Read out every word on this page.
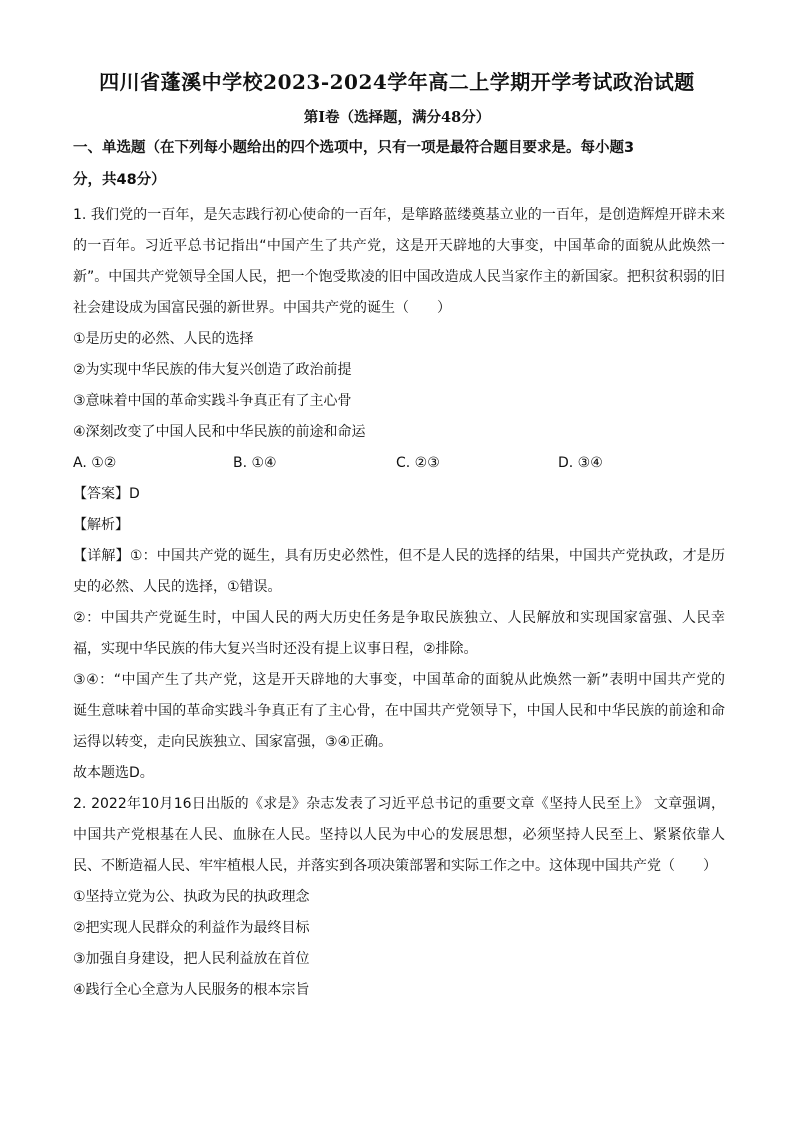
四川省蓬溪中学校2023-2024学年高二上学期开学考试政治试题
第I卷（选择题，满分48分）
一、单选题（在下列每小题给出的四个选项中，只有一项是最符合题目要求是。每小题3
分，共48分）
1. 我们党的一百年，是矢志践行初心使命的一百年，是筚路蓝缕奠基立业的一百年，是创造辉煌开辟未来
的一百年。习近平总书记指出“中国产生了共产党，这是开天辟地的大事变，中国革命的面貌从此焕然一
新”。中国共产党领导全国人民，把一个饱受欺凌的旧中国改造成人民当家作主的新国家。把积贫积弱的旧
社会建设成为国富民强的新世界。中国共产党的诞生（　　）
①是历史的必然、人民的选择
②为实现中华民族的伟大复兴创造了政治前提
③意味着中国的革命实践斗争真正有了主心骨
④深刻改变了中国人民和中华民族的前途和命运
A. ①②	B. ①④	C. ②③	D. ③④
【答案】D
【解析】
【详解】①：中国共产党的诞生，具有历史必然性，但不是人民的选择的结果，中国共产党执政，才是历
史的必然、人民的选择，①错误。
②：中国共产党诞生时，中国人民的两大历史任务是争取民族独立、人民解放和实现国家富强、人民幸
福，实现中华民族的伟大复兴当时还没有提上议事日程，②排除。
③④：“中国产生了共产党，这是开天辟地的大事变，中国革命的面貌从此焕然一新”表明中国共产党的
诞生意味着中国的革命实践斗争真正有了主心骨，在中国共产党领导下，中国人民和中华民族的前途和命
运得以转变，走向民族独立、国家富强，③④正确。
故本题选D。
2. 2022年10月16日出版的《求是》杂志发表了习近平总书记的重要文章《坚持人民至上》 文章强调，
中国共产党根基在人民、血脉在人民。坚持以人民为中心的发展思想，必须坚持人民至上、紧紧依靠人
民、不断造福人民、牢牢植根人民，并落实到各项决策部署和实际工作之中。这体现中国共产党（　　）
①坚持立党为公、执政为民的执政理念
②把实现人民群众的利益作为最终目标
③加强自身建设，把人民利益放在首位
④践行全心全意为人民服务的根本宗旨
